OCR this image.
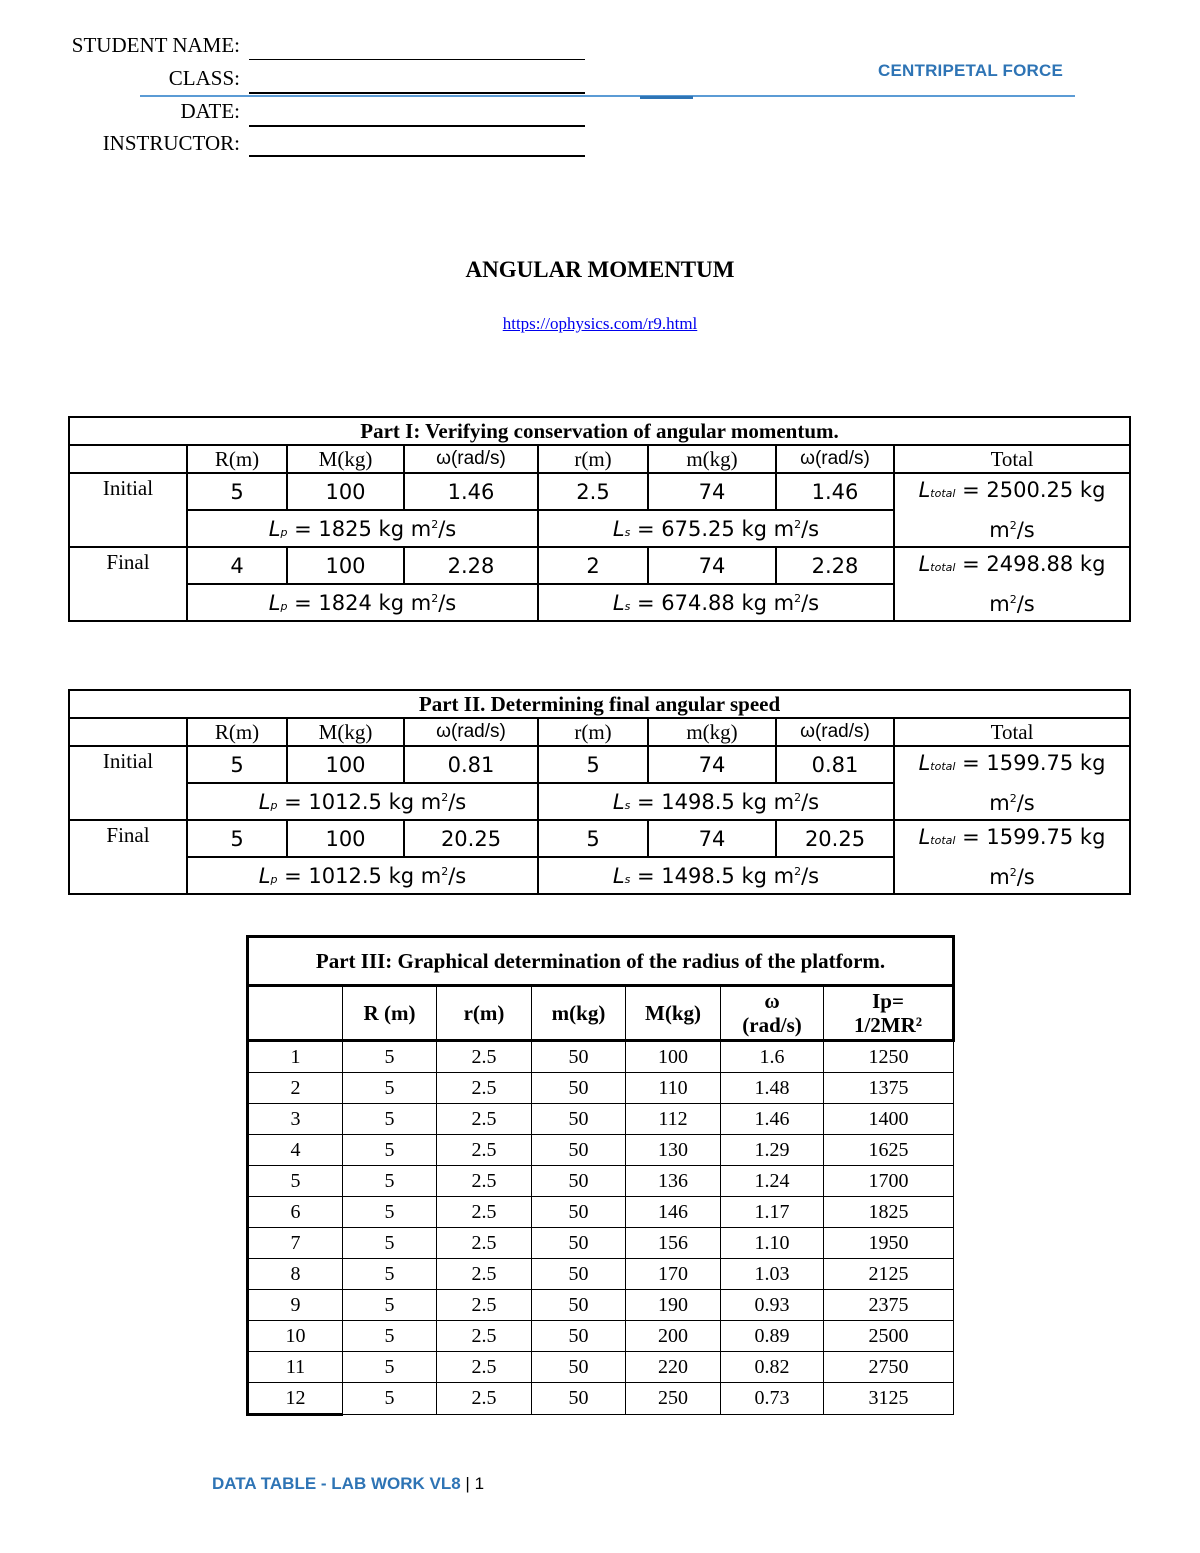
STUDENT NAME:
CLASS:
DATE:
INSTRUCTOR:
CENTRIPETAL FORCE
ANGULAR MOMENTUM
https://ophysics.com/r9.html
Part I: Verifying conservation of angular momentum.							
	R(m)	M(kg)	ω(rad/s)	r(m)	m(kg)	ω(rad/s)	Total
Initial	5	100	1.46	2.5	74	1.46	Ltotal = 2500.25 kg
$m^2/s$
	Lp = 1825 kg $m^2/s$			Ls = 675.25 kg $m^2/s$			
Final	4	100	2.28	2	74	2.28	Ltotal = 2498.88 kg
$m^2/s$
	Lp = 1824 kg $m^2/s$			Ls = 674.88 kg $m^2/s$			
Part II. Determining final angular speed							
	R(m)	M(kg)	ω(rad/s)	r(m)	m(kg)	ω(rad/s)	Total
Initial	5	100	0.81	5	74	0.81	Ltotal = 1599.75 kg
$m^2/s$
	Lp = 1012.5 kg $m^2/s$			Ls = 1498.5 kg $m^2/s$			
Final	5	100	20.25	5	74	20.25	Ltotal = 1599.75 kg
$m^2/s$
	Lp = 1012.5 kg $m^2/s$			Ls = 1498.5 kg $m^2/s$			
Part III: Graphical determination of the radius of the platform.						
	R (m)	r(m)	m(kg)	M(kg)	ω
(rad/s)	Ip=
1/2MR²
1	5	2.5	50	100	1.6	1250
2	5	2.5	50	110	1.48	1375
3	5	2.5	50	112	1.46	1400
4	5	2.5	50	130	1.29	1625
5	5	2.5	50	136	1.24	1700
6	5	2.5	50	146	1.17	1825
7	5	2.5	50	156	1.10	1950
8	5	2.5	50	170	1.03	2125
9	5	2.5	50	190	0.93	2375
10	5	2.5	50	200	0.89	2500
11	5	2.5	50	220	0.82	2750
12	5	2.5	50	250	0.73	3125
DATA TABLE - LAB WORK VL8 | 1
